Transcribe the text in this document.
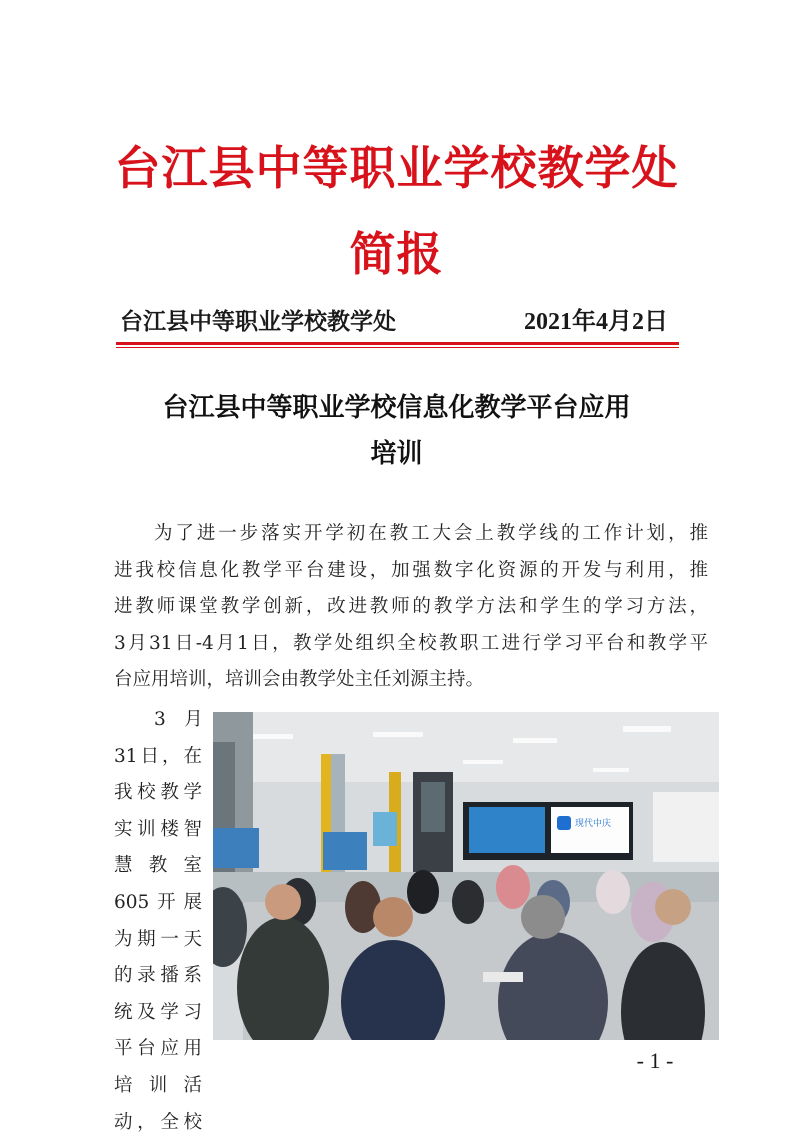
台江县中等职业学校教学处
简报
台江县中等职业学校教学处	2021年4月2日
台江县中等职业学校信息化教学平台应用
培训
为了进一步落实开学初在教工大会上教学线的工作计划，推
进我校信息化教学平台建设，加强数字化资源的开发与利用，推
进教师课堂教学创新，改进教师的教学方法和学生的学习方法，
3月31日-4月1日，教学处组织全校教职工进行学习平台和教学平
台应用培训，培训会由教学处主任刘源主持。
3　月
31日，在
我校教学
实训楼智
慧 教 室
605开展
为期一天
的录播系
统及学习
平台应用
培 训 活
动，全校
现代中庆
- 1 -
